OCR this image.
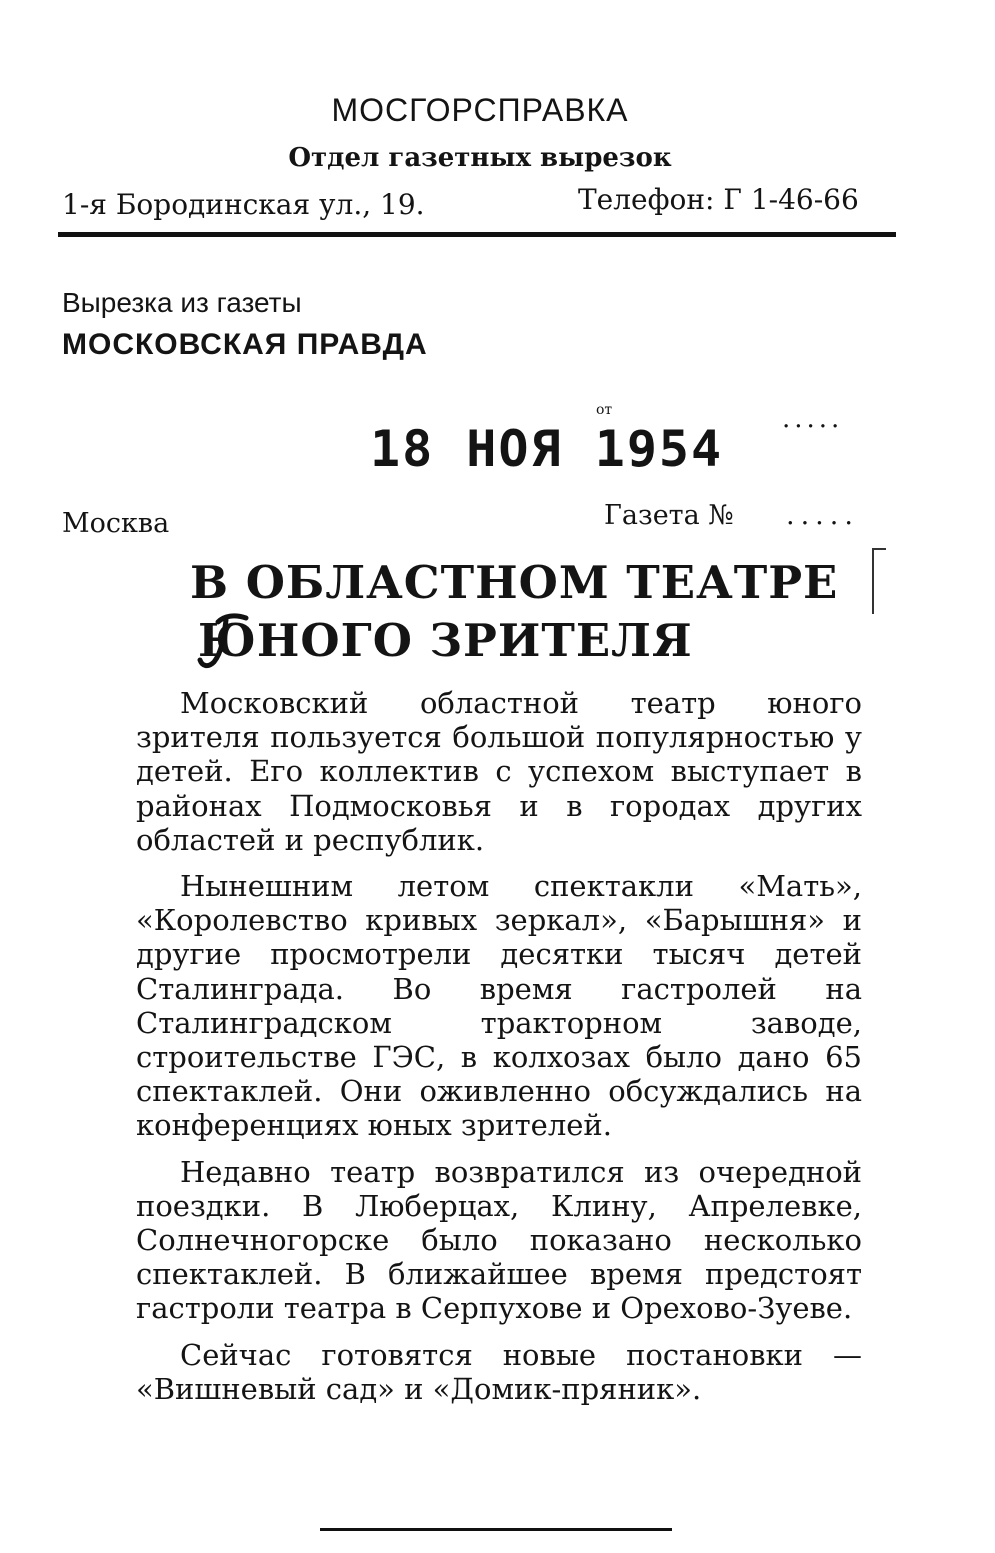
МОСГОРСПРАВКА
Отдел газетных вырезок
1-я Бородинская ул., 19.	Телефон: Г 1-46-66
Вырезка из газеты
МОСКОВСКАЯ ПРАВДА
от
18 НОЯ 1954
.....
Москва	Газета № .....
В ОБЛАСТНОМ ТЕАТРЕ
ЮНОГО ЗРИТЕЛЯ

Московский областной театр юного зрителя пользуется большой популярностью у детей. Его коллектив с успехом выступает в районах Подмосковья и в городах других областей и республик.

Нынешним летом спектакли «Мать», «Королевство кривых зеркал», «Барышня» и другие просмотрели десятки тысяч детей Сталинграда. Во время гастролей на Сталинградском тракторном заводе, строительстве ГЭС, в колхозах было дано 65 спектаклей. Они оживленно обсуждались на конференциях юных зрителей.

Недавно театр возвратился из очередной поездки. В Люберцах, Клину, Апрелевке, Солнечногорске было показано несколько спектаклей. В ближайшее время предстоят гастроли театра в Серпухове и Орехово-Зуеве.

Сейчас готовятся новые постановки — «Вишневый сад» и «Домик-пряник».
